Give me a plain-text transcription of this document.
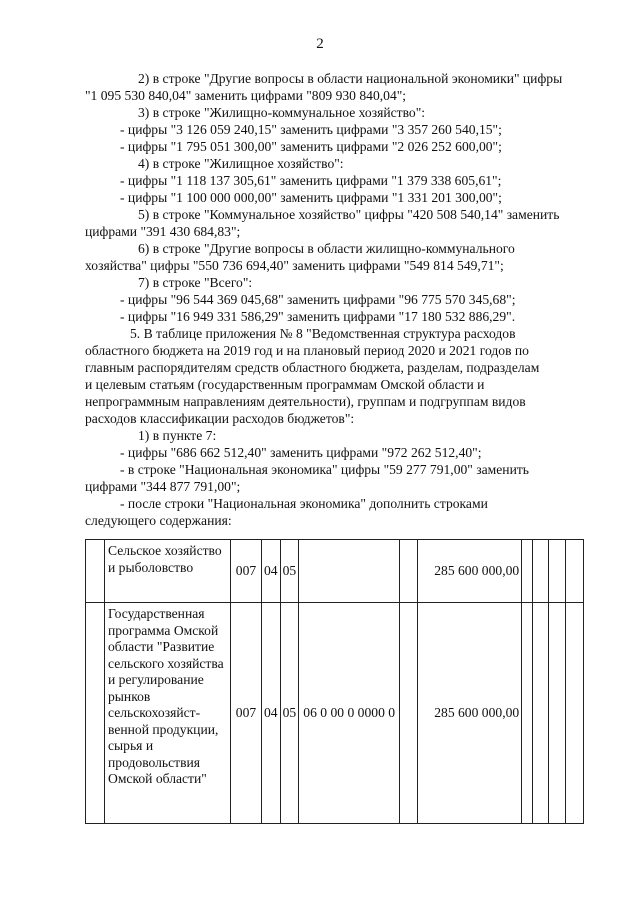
2
2) в строке "Другие вопросы в области национальной экономики" цифры
"1 095 530 840,04" заменить цифрами "809 930 840,04";
3) в строке "Жилищно-коммунальное хозяйство":
- цифры "3 126 059 240,15" заменить цифрами "3 357 260 540,15";
- цифры "1 795 051 300,00" заменить цифрами "2 026 252 600,00";
4) в строке "Жилищное хозяйство":
- цифры "1 118 137 305,61" заменить цифрами "1 379 338 605,61";
- цифры "1 100 000 000,00" заменить цифрами "1 331 201 300,00";
5) в строке "Коммунальное хозяйство" цифры "420 508 540,14" заменить
цифрами "391 430 684,83";
6) в строке "Другие вопросы в области жилищно-коммунального
хозяйства" цифры "550 736 694,40" заменить цифрами "549 814 549,71";
7) в строке "Всего":
- цифры "96 544 369 045,68" заменить цифрами "96 775 570 345,68";
- цифры "16 949 331 586,29" заменить цифрами "17 180 532 886,29".
5. В таблице приложения № 8 "Ведомственная структура расходов
областного бюджета на 2019 год и на плановый период 2020 и 2021 годов по
главным распорядителям средств областного бюджета, разделам, подразделам
и целевым статьям (государственным программам Омской области и
непрограммным направлениям деятельности), группам и подгруппам видов
расходов классификации расходов бюджетов":
1) в пункте 7:
- цифры "686 662 512,40" заменить цифрами "972 262 512,40";
- в строке "Национальная экономика" цифры "59 277 791,00" заменить
цифрами "344 877 791,00";
- после строки "Национальная экономика" дополнить строками
следующего содержания:
	Сельское хозяйство и рыболовство	007	04	05			285 600 000,00				
	Государственная программа Омской области "Развитие сельского хозяйства и регулирование рынков сельскохозяйст-венной продукции, сырья и продовольствия Омской области"	007	04	05	06 0 00 0 0000 0		285 600 000,00				
